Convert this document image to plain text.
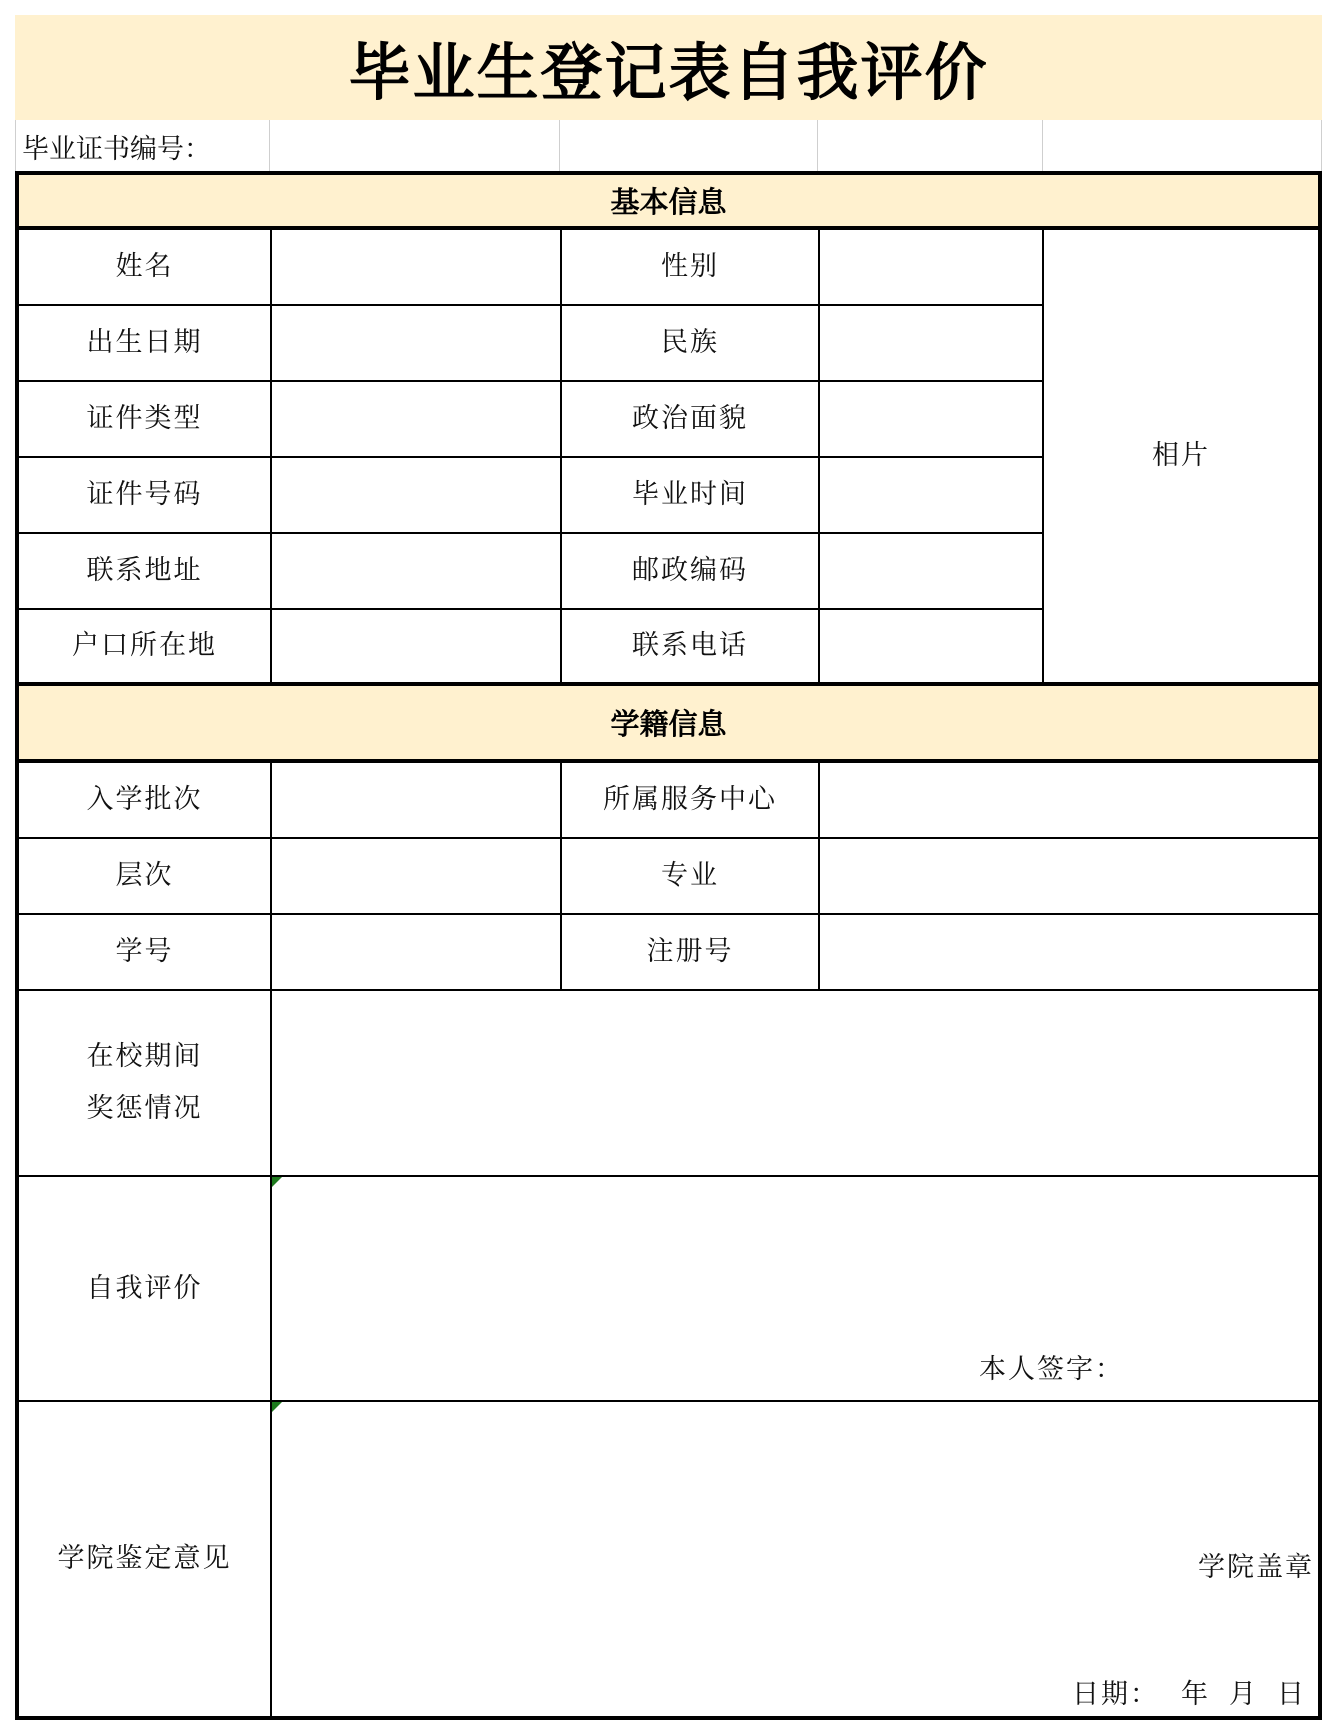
毕业生登记表自我评价
毕业证书编号：
基本信息
姓名	性别
出生日期	民族
证件类型	政治面貌
证件号码	毕业时间
联系地址	邮政编码
户口所在地	联系电话
相片
学籍信息
入学批次	所属服务中心
层次	专业
学号	注册号
在校期间
奖惩情况
自我评价
本人签字：
学院鉴定意见	学院盖章
日期： 年 月 日
